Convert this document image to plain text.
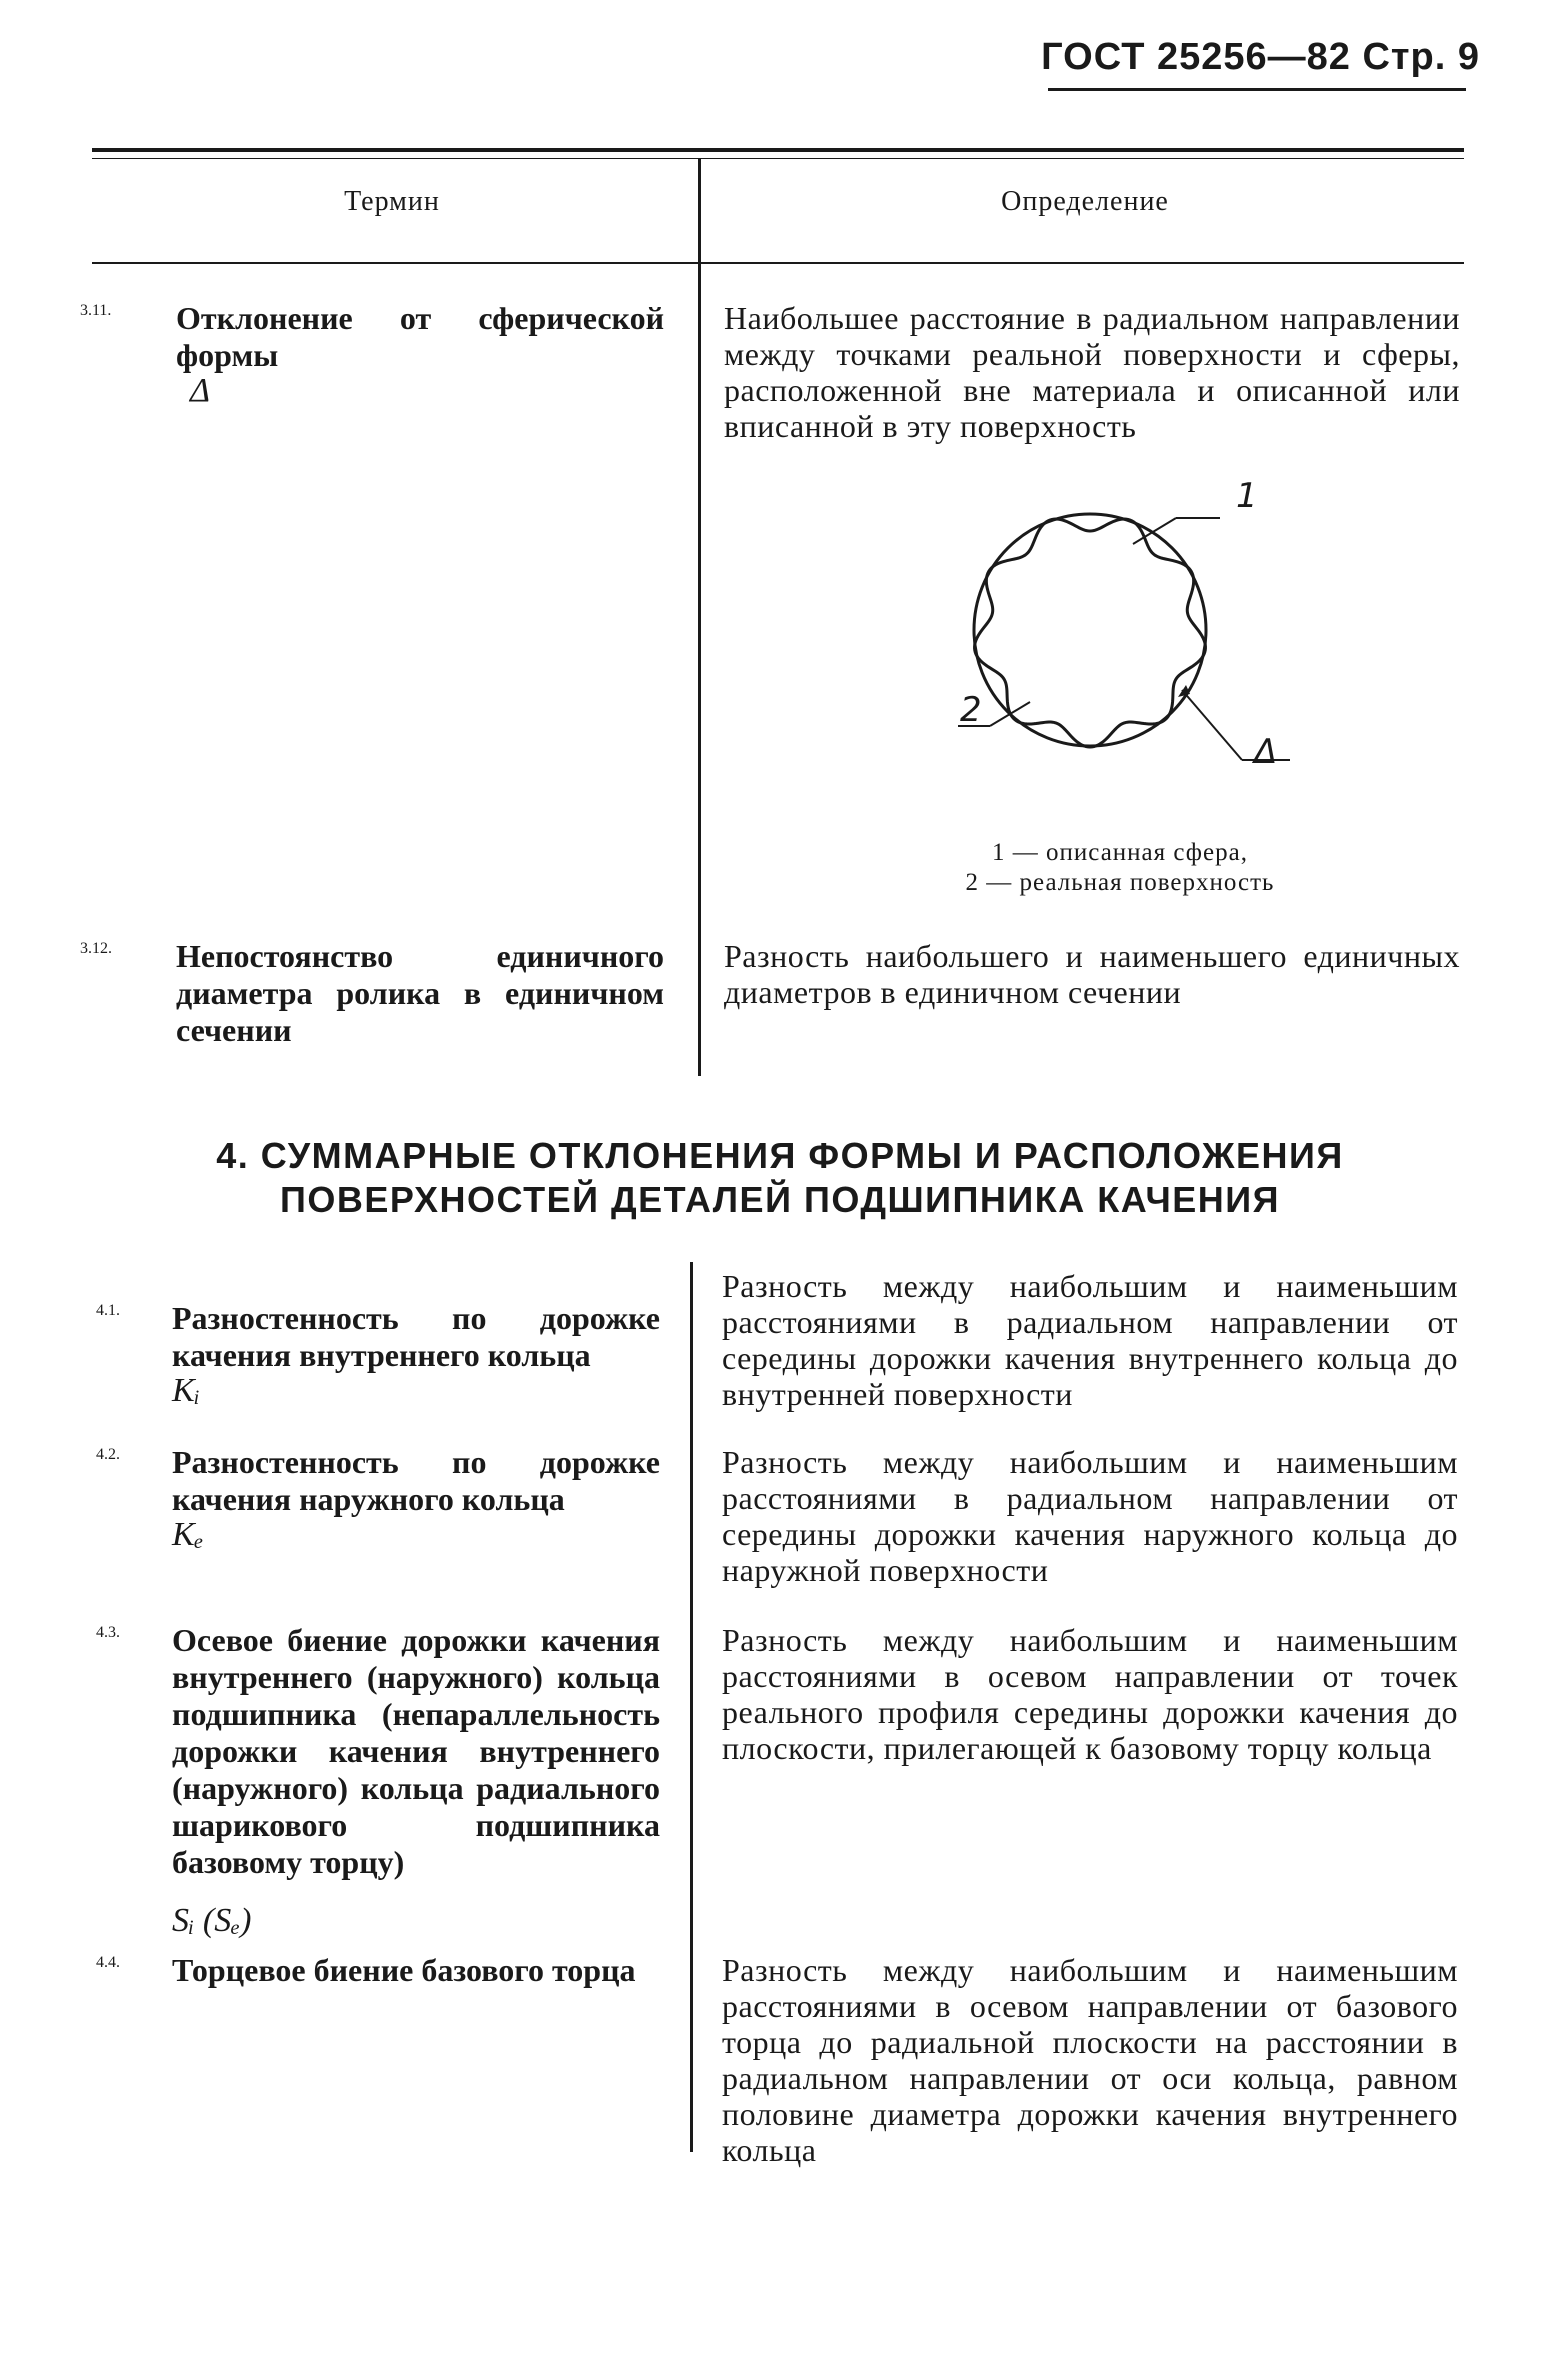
ГОСТ 25256—82 Стр. 9
Термин	Определение
3.11. Отклонение от сферической формы
Δ
Наибольшее расстояние в радиальном направлении между точками реальной поверхности и сферы, расположенной вне материала и описанной или вписанной в эту поверхность
1
2
Δ
1 — описанная сфера,
2 — реальная поверхность
3.12. Непостоянство единичного диаметра ролика в единичном сечении
Разность наибольшего и наименьшего единичных диаметров в единичном сечении
4. СУММАРНЫЕ ОТКЛОНЕНИЯ ФОРМЫ И РАСПОЛОЖЕНИЯ ПОВЕРХНОСТЕЙ ДЕТАЛЕЙ ПОДШИПНИКА КАЧЕНИЯ
4.1. Разностенность по дорожке качения внутреннего кольца
Kᵢ
Разность между наибольшим и наименьшим расстояниями в радиальном направлении от середины дорожки качения внутреннего кольца до внутренней поверхности
4.2. Разностенность по дорожке качения наружного кольца
Kₑ
Разность между наибольшим и наименьшим расстояниями в радиальном направлении от середины дорожки качения наружного кольца до наружной поверхности
4.3. Осевое биение дорожки качения внутреннего (наружного) кольца подшипника (непараллельность дорожки качения внутреннего (наружного) кольца радиального шарикового подшипника базовому торцу)
Sᵢ (Sₑ)
Разность между наибольшим и наименьшим расстояниями в осевом направлении от точек реального профиля середины дорожки качения до плоскости, прилегающей к базовому торцу кольца
4.4. Торцевое биение базового торца	Разность между наибольшим и наименьшим расстояниями в осевом направлении от базового торца до радиальной плоскости на расстоянии в радиальном направлении от оси кольца, равном половине диаметра дорожки качения внутреннего кольца
